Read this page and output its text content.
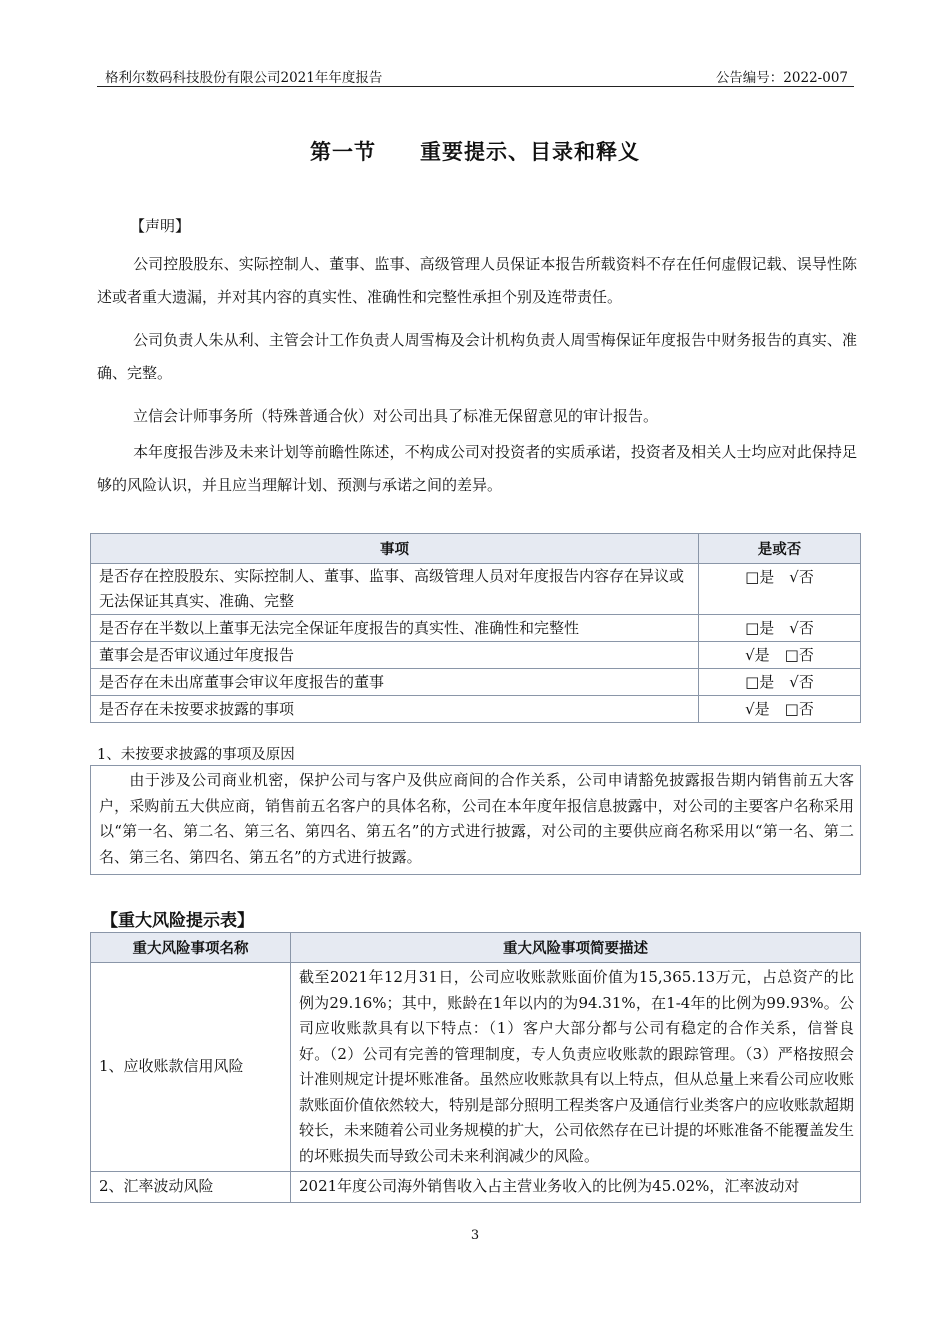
格利尔数码科技股份有限公司2021年年度报告	公告编号：2022-007
第一节　　重要提示、目录和释义
【声明】
公司控股股东、实际控制人、董事、监事、高级管理人员保证本报告所载资料不存在任何虚假记载、误导性陈述或者重大遗漏，并对其内容的真实性、准确性和完整性承担个别及连带责任。
公司负责人朱从利、主管会计工作负责人周雪梅及会计机构负责人周雪梅保证年度报告中财务报告的真实、准确、完整。
立信会计师事务所（特殊普通合伙）对公司出具了标准无保留意见的审计报告。
本年度报告涉及未来计划等前瞻性陈述，不构成公司对投资者的实质承诺，投资者及相关人士均应对此保持足够的风险认识，并且应当理解计划、预测与承诺之间的差异。
事项	是或否
是否存在控股股东、实际控制人、董事、监事、高级管理人员对年度报告内容存在异议或无法保证其真实、准确、完整	□是　√否
是否存在半数以上董事无法完全保证年度报告的真实性、准确性和完整性	□是　√否
董事会是否审议通过年度报告	√是　□否
是否存在未出席董事会审议年度报告的董事	□是　√否
是否存在未按要求披露的事项	√是　□否
1、未按要求披露的事项及原因

由于涉及公司商业机密，保护公司与客户及供应商间的合作关系，公司申请豁免披露报告期内销售前五大客户，采购前五大供应商，销售前五名客户的具体名称，公司在本年度年报信息披露中，对公司的主要客户名称采用以“第一名、第二名、第三名、第四名、第五名”的方式进行披露，对公司的主要供应商名称采用以“第一名、第二名、第三名、第四名、第五名”的方式进行披露。

【重大风险提示表】
重大风险事项名称	重大风险事项简要描述
1、应收账款信用风险	截至2021年12月31日，公司应收账款账面价值为15,365.13万元，占总资产的比例为29.16%；其中，账龄在1年以内的为94.31%，在1-4年的比例为99.93%。公司应收账款具有以下特点：（1）客户大部分都与公司有稳定的合作关系，信誉良好。（2）公司有完善的管理制度，专人负责应收账款的跟踪管理。（3）严格按照会计准则规定计提坏账准备。虽然应收账款具有以上特点，但从总量上来看公司应收账款账面价值依然较大，特别是部分照明工程类客户及通信行业类客户的应收账款超期较长，未来随着公司业务规模的扩大，公司依然存在已计提的坏账准备不能覆盖发生的坏账损失而导致公司未来利润减少的风险。
2、汇率波动风险	2021年度公司海外销售收入占主营业务收入的比例为45.02%，汇率波动对
3
